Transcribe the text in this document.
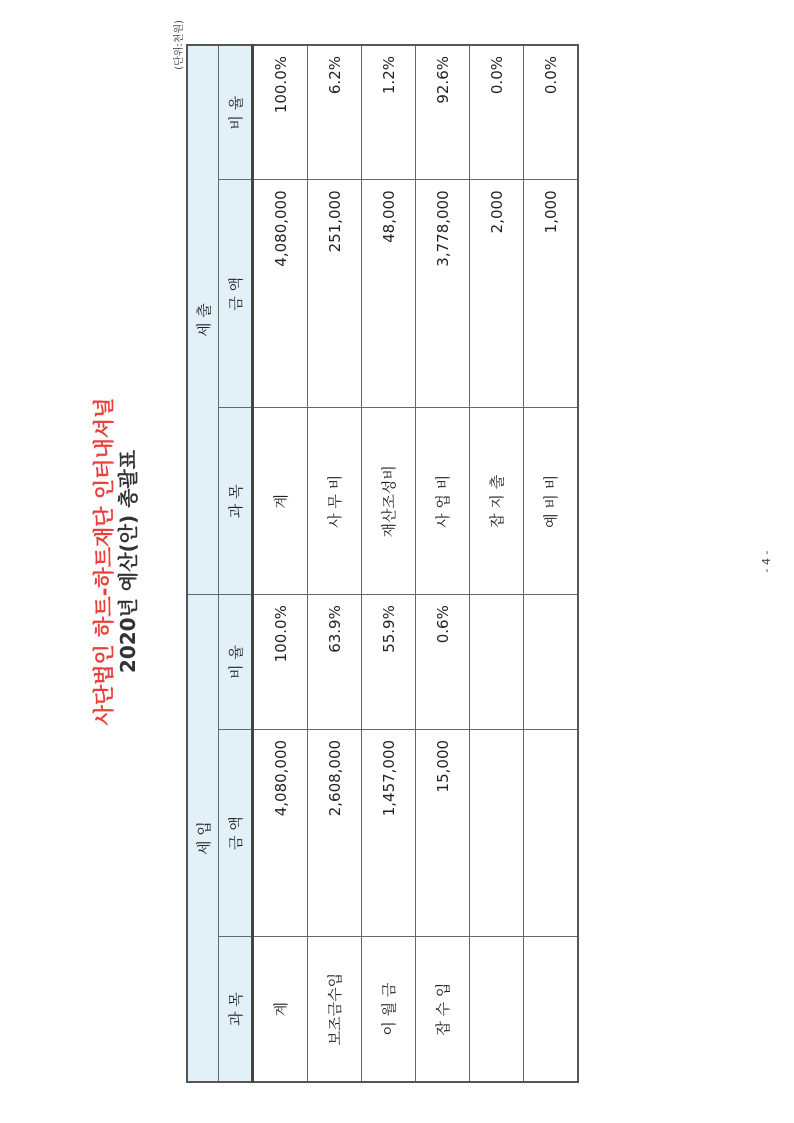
사단법인 하트-하트재단 인터내셔널 2020년 예산(안) 총괄표
(단위:천원)
세 입			세 출		
과 목	금 액	비 율	과 목	금 액	비 율
계	4,080,000	100.0%	계	4,080,000	100.0%
보조금수입	2,608,000	63.9%	사 무 비	251,000	6.2%
이 월 금	1,457,000	55.9%	재산조성비	48,000	1.2%
잡 수 입	15,000	0.6%	사 업 비	3,778,000	92.6%
			잡 지 출	2,000	0.0%
			예 비 비	1,000	0.0%
- 4 -
